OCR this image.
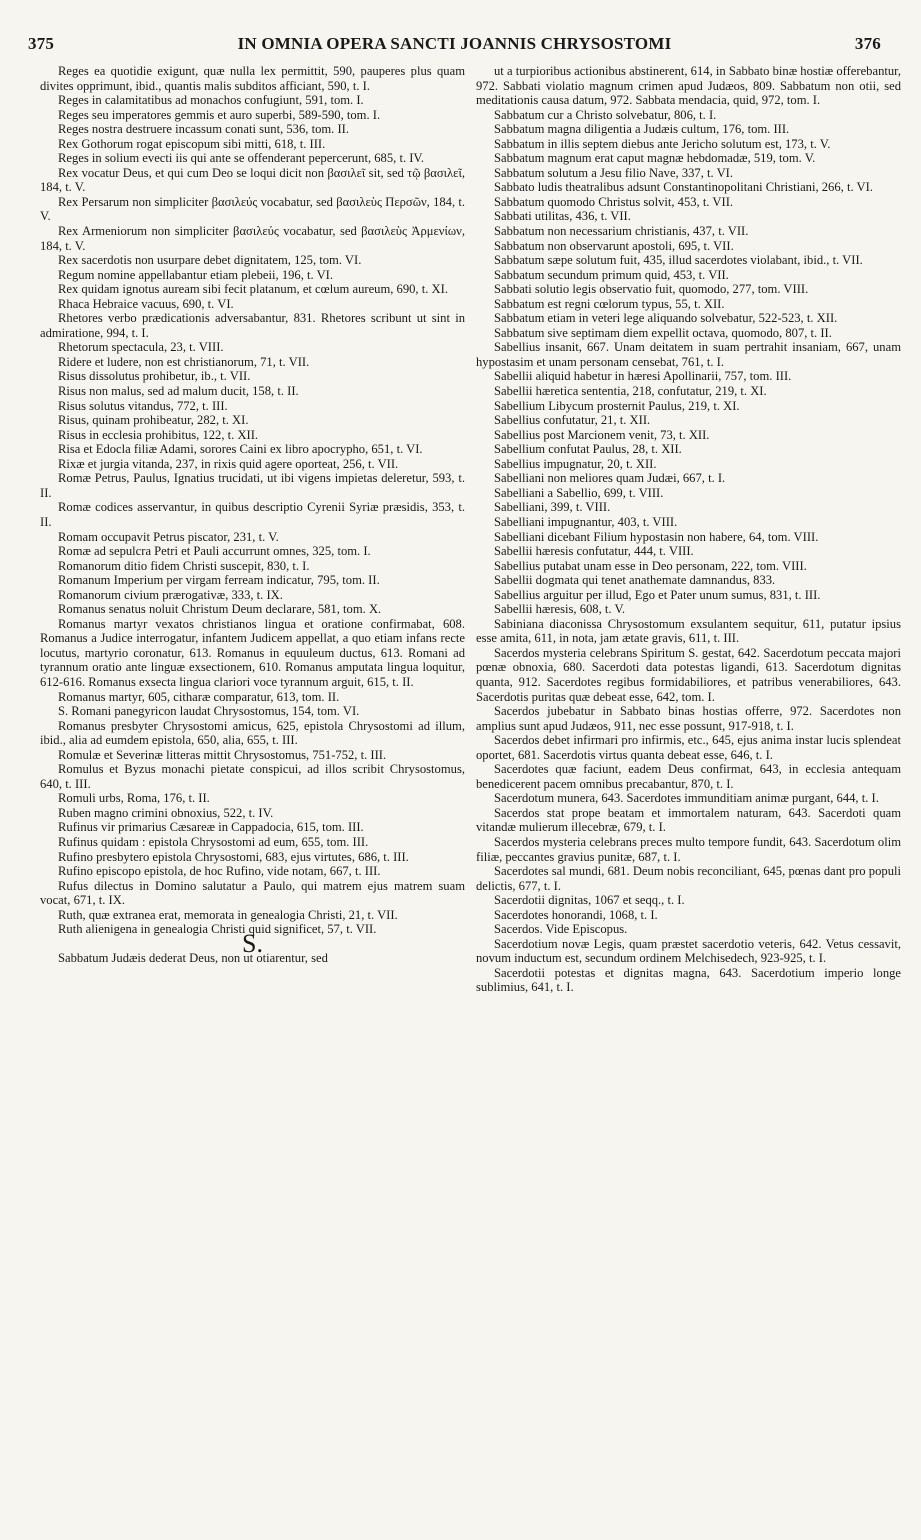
375	IN OMNIA OPERA SANCTI JOANNIS CHRYSOSTOMI	376

Reges ea quotidie exigunt, quæ nulla lex permittit, 590, pauperes plus quam divites opprimunt, ibid., quantis malis subditos afficiant, 590, t. I.

Reges in calamitatibus ad monachos confugiunt, 591, tom. I.

Reges seu imperatores gemmis et auro superbi, 589-590, tom. I.

Reges nostra destruere incassum conati sunt, 536, tom. II.

Rex Gothorum rogat episcopum sibi mitti, 618, t. III.

Reges in solium evecti iis qui ante se offenderant pepercerunt, 685, t. IV.

Rex vocatur Deus, et qui cum Deo se loqui dicit non βασιλεῖ sit, sed τῷ βασιλεῖ, 184, t. V.

Rex Persarum non simpliciter βασιλεύς vocabatur, sed βασιλεὺς Περσῶν, 184, t. V.

Rex Armeniorum non simpliciter βασιλεύς vocabatur, sed βασιλεὺς Ἀρμενίων, 184, t. V.

Rex sacerdotis non usurpare debet dignitatem, 125, tom. VI.

Regum nomine appellabantur etiam plebeii, 196, t. VI.

Rex quidam ignotus auream sibi fecit platanum, et cœlum aureum, 690, t. XI.

Rhaca Hebraice vacuus, 690, t. VI.

Rhetores verbo prædicationis adversabantur, 831. Rhetores scribunt ut sint in admiratione, 994, t. I.

Rhetorum spectacula, 23, t. VIII.

Ridere et ludere, non est christianorum, 71, t. VII.

Risus dissolutus prohibetur, ib., t. VII.

Risus non malus, sed ad malum ducit, 158, t. II.

Risus solutus vitandus, 772, t. III.

Risus, quinam prohibeatur, 282, t. XI.

Risus in ecclesia prohibitus, 122, t. XII.

Risa et Edocla filiæ Adami, sorores Caini ex libro apocrypho, 651, t. VI.

Rixæ et jurgia vitanda, 237, in rixis quid agere oporteat, 256, t. VII.

Romæ Petrus, Paulus, Ignatius trucidati, ut ibi vigens impietas deleretur, 593, t. II.

Romæ codices asservantur, in quibus descriptio Cyrenii Syriæ præsidis, 353, t. II.

Romam occupavit Petrus piscator, 231, t. V.

Romæ ad sepulcra Petri et Pauli accurrunt omnes, 325, tom. I.

Romanorum ditio fidem Christi suscepit, 830, t. I.

Romanum Imperium per virgam ferream indicatur, 795, tom. II.

Romanorum civium prærogativæ, 333, t. IX.

Romanus senatus noluit Christum Deum declarare, 581, tom. X.

Romanus martyr vexatos christianos lingua et oratione confirmabat, 608. Romanus a Judice interrogatur, infantem Judicem appellat, a quo etiam infans recte locutus, martyrio coronatur, 613. Romanus in equuleum ductus, 613. Romani ad tyrannum oratio ante linguæ exsectionem, 610. Romanus amputata lingua loquitur, 612-616. Romanus exsecta lingua clariori voce tyrannum arguit, 615, t. II.

Romanus martyr, 605, citharæ comparatur, 613, tom. II.

S. Romani panegyricon laudat Chrysostomus, 154, tom. VI.

Romanus presbyter Chrysostomi amicus, 625, epistola Chrysostomi ad illum, ibid., alia ad eumdem epistola, 650, alia, 655, t. III.

Romulæ et Severinæ litteras mittit Chrysostomus, 751-752, t. III.

Romulus et Byzus monachi pietate conspicui, ad illos scribit Chrysostomus, 640, t. III.

Romuli urbs, Roma, 176, t. II.

Ruben magno crimini obnoxius, 522, t. IV.

Rufinus vir primarius Cæsareæ in Cappadocia, 615, tom. III.

Rufinus quidam : epistola Chrysostomi ad eum, 655, tom. III.

Rufino presbytero epistola Chrysostomi, 683, ejus virtutes, 686, t. III.

Rufino episcopo epistola, de hoc Rufino, vide notam, 667, t. III.

Rufus dilectus in Domino salutatur a Paulo, qui matrem ejus matrem suam vocat, 671, t. IX.

Ruth, quæ extranea erat, memorata in genealogia Christi, 21, t. VII.

Ruth alienigena in genealogia Christi quid significet, 57, t. VII.

S.

Sabbatum Judæis dederat Deus, non ut otiarentur, sed

ut a turpioribus actionibus abstinerent, 614, in Sabbato binæ hostiæ offerebantur, 972. Sabbati violatio magnum crimen apud Judæos, 809. Sabbatum non otii, sed meditationis causa datum, 972. Sabbata mendacia, quid, 972, tom. I.

Sabbatum cur a Christo solvebatur, 806, t. I.

Sabbatum magna diligentia a Judæis cultum, 176, tom. III.

Sabbatum in illis septem diebus ante Jericho solutum est, 173, t. V.

Sabbatum magnum erat caput magnæ hebdomadæ, 519, tom. V.

Sabbatum solutum a Jesu filio Nave, 337, t. VI.

Sabbato ludis theatralibus adsunt Constantinopolitani Christiani, 266, t. VI.

Sabbatum quomodo Christus solvit, 453, t. VII.

Sabbati utilitas, 436, t. VII.

Sabbatum non necessarium christianis, 437, t. VII.

Sabbatum non observarunt apostoli, 695, t. VII.

Sabbatum sæpe solutum fuit, 435, illud sacerdotes violabant, ibid., t. VII.

Sabbatum secundum primum quid, 453, t. VII.

Sabbati solutio legis observatio fuit, quomodo, 277, tom. VIII.

Sabbatum est regni cœlorum typus, 55, t. XII.

Sabbatum etiam in veteri lege aliquando solvebatur, 522-523, t. XII.

Sabbatum sive septimam diem expellit octava, quomodo, 807, t. II.

Sabellius insanit, 667. Unam deitatem in suam pertrahit insaniam, 667, unam hypostasim et unam personam censebat, 761, t. I.

Sabellii aliquid habetur in hæresi Apollinarii, 757, tom. III.

Sabellii hæretica sententia, 218, confutatur, 219, t. XI.

Sabellium Libycum prosternit Paulus, 219, t. XI.

Sabellius confutatur, 21, t. XII.

Sabellius post Marcionem venit, 73, t. XII.

Sabellium confutat Paulus, 28, t. XII.

Sabellius impugnatur, 20, t. XII.

Sabelliani non meliores quam Judæi, 667, t. I.

Sabelliani a Sabellio, 699, t. VIII.

Sabelliani, 399, t. VIII.

Sabelliani impugnantur, 403, t. VIII.

Sabelliani dicebant Filium hypostasin non habere, 64, tom. VIII.

Sabellii hæresis confutatur, 444, t. VIII.

Sabellius putabat unam esse in Deo personam, 222, tom. VIII.

Sabellii dogmata qui tenet anathemate damnandus, 833.

Sabellius arguitur per illud, Ego et Pater unum sumus, 831, t. III.

Sabellii hæresis, 608, t. V.

Sabiniana diaconissa Chrysostomum exsulantem sequitur, 611, putatur ipsius esse amita, 611, in nota, jam ætate gravis, 611, t. III.

Sacerdos mysteria celebrans Spiritum S. gestat, 642. Sacerdotum peccata majori pœnæ obnoxia, 680. Sacerdoti data potestas ligandi, 613. Sacerdotum dignitas quanta, 912. Sacerdotes regibus formidabiliores, et patribus venerabiliores, 643. Sacerdotis puritas quæ debeat esse, 642, tom. I.

Sacerdos jubebatur in Sabbato binas hostias offerre, 972. Sacerdotes non amplius sunt apud Judæos, 911, nec esse possunt, 917-918, t. I.

Sacerdos debet infirmari pro infirmis, etc., 645, ejus anima instar lucis splendeat oportet, 681. Sacerdotis virtus quanta debeat esse, 646, t. I.

Sacerdotes quæ faciunt, eadem Deus confirmat, 643, in ecclesia antequam benedicerent pacem omnibus precabantur, 870, t. I.

Sacerdotum munera, 643. Sacerdotes immunditiam animæ purgant, 644, t. I.

Sacerdos stat prope beatam et immortalem naturam, 643. Sacerdoti quam vitandæ mulierum illecebræ, 679, t. I.

Sacerdos mysteria celebrans preces multo tempore fundit, 643. Sacerdotum olim filiæ, peccantes gravius punitæ, 687, t. I.

Sacerdotes sal mundi, 681. Deum nobis reconciliant, 645, pœnas dant pro populi delictis, 677, t. I.

Sacerdotii dignitas, 1067 et seqq., t. I.

Sacerdotes honorandi, 1068, t. I.

Sacerdos. Vide Episcopus.

Sacerdotium novæ Legis, quam præstet sacerdotio veteris, 642. Vetus cessavit, novum inductum est, secundum ordinem Melchisedech, 923-925, t. I.

Sacerdotii potestas et dignitas magna, 643. Sacerdotium imperio longe sublimius, 641, t. I.
